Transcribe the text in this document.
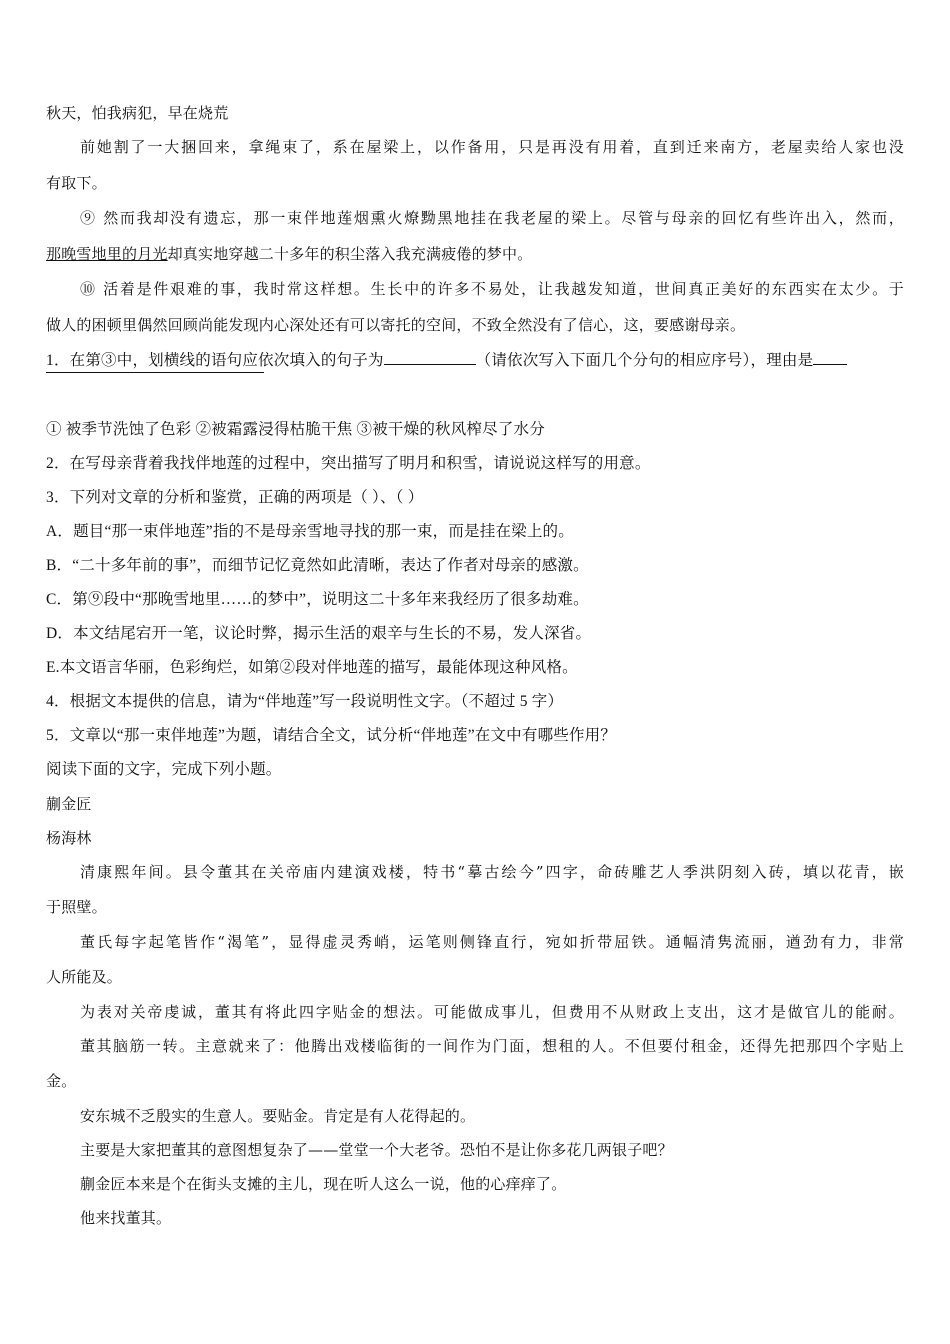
秋天，怕我病犯，早在烧荒
前她割了一大捆回来，拿绳束了，系在屋梁上，以作备用，只是再没有用着，直到迁来南方，老屋卖给人家也没
有取下。
⑨ 然而我却没有遗忘，那一束伴地莲烟熏火燎黝黑地挂在我老屋的梁上。尽管与母亲的回忆有些许出入，然而，
那晚雪地里的月光却真实地穿越二十多年的积尘落入我充满疲倦的梦中。
⑩ 活着是件艰难的事，我时常这样想。生长中的许多不易处，让我越发知道，世间真正美好的东西实在太少。于
做人的困顿里偶然回顾尚能发现内心深处还有可以寄托的空间，不致全然没有了信心，这，要感谢母亲。
1．在第③中，划横线的语句应依次填入的句子为	（请依次写入下面几个分句的相应序号），理由是
① 被季节洗蚀了色彩 ②被霜露浸得枯脆干焦 ③被干燥的秋风榨尽了水分
2．在写母亲背着我找伴地莲的过程中，突出描写了明月和积雪，请说说这样写的用意。
3．下列对文章的分析和鉴赏，正确的两项是（ ）、（ ）
A．题目“那一束伴地莲”指的不是母亲雪地寻找的那一束，而是挂在梁上的。
B．“二十多年前的事”，而细节记忆竟然如此清晰，表达了作者对母亲的感激。
C．第⑨段中“那晚雪地里……的梦中”，说明这二十多年来我经历了很多劫难。
D．本文结尾宕开一笔，议论时弊，揭示生活的艰辛与生长的不易，发人深省。
E.本文语言华丽，色彩绚烂，如第②段对伴地莲的描写，最能体现这种风格。
4．根据文本提供的信息，请为“伴地莲”写一段说明性文字。（不超过 5 字）
5．文章以“那一束伴地莲”为题，请结合全文，试分析“伴地莲”在文中有哪些作用？
阅读下面的文字，完成下列小题。
蒯金匠
杨海林
清康熙年间。县令董其在关帝庙内建演戏楼，特书“摹古绘今”四字，命砖雕艺人季洪阴刻入砖，填以花青，嵌
于照壁。
董氏每字起笔皆作“渴笔”，显得虚灵秀峭，运笔则侧锋直行，宛如折带屈铁。通幅清隽流丽，遒劲有力，非常
人所能及。
为表对关帝虔诚，董其有将此四字贴金的想法。可能做成事儿，但费用不从财政上支出，这才是做官儿的能耐。
董其脑筋一转。主意就来了：他腾出戏楼临街的一间作为门面，想租的人。不但要付租金，还得先把那四个字贴上
金。
安东城不乏殷实的生意人。要贴金。肯定是有人花得起的。
主要是大家把董其的意图想复杂了——堂堂一个大老爷。恐怕不是让你多花几两银子吧？
蒯金匠本来是个在街头支摊的主儿，现在听人这么一说，他的心痒痒了。
他来找董其。
